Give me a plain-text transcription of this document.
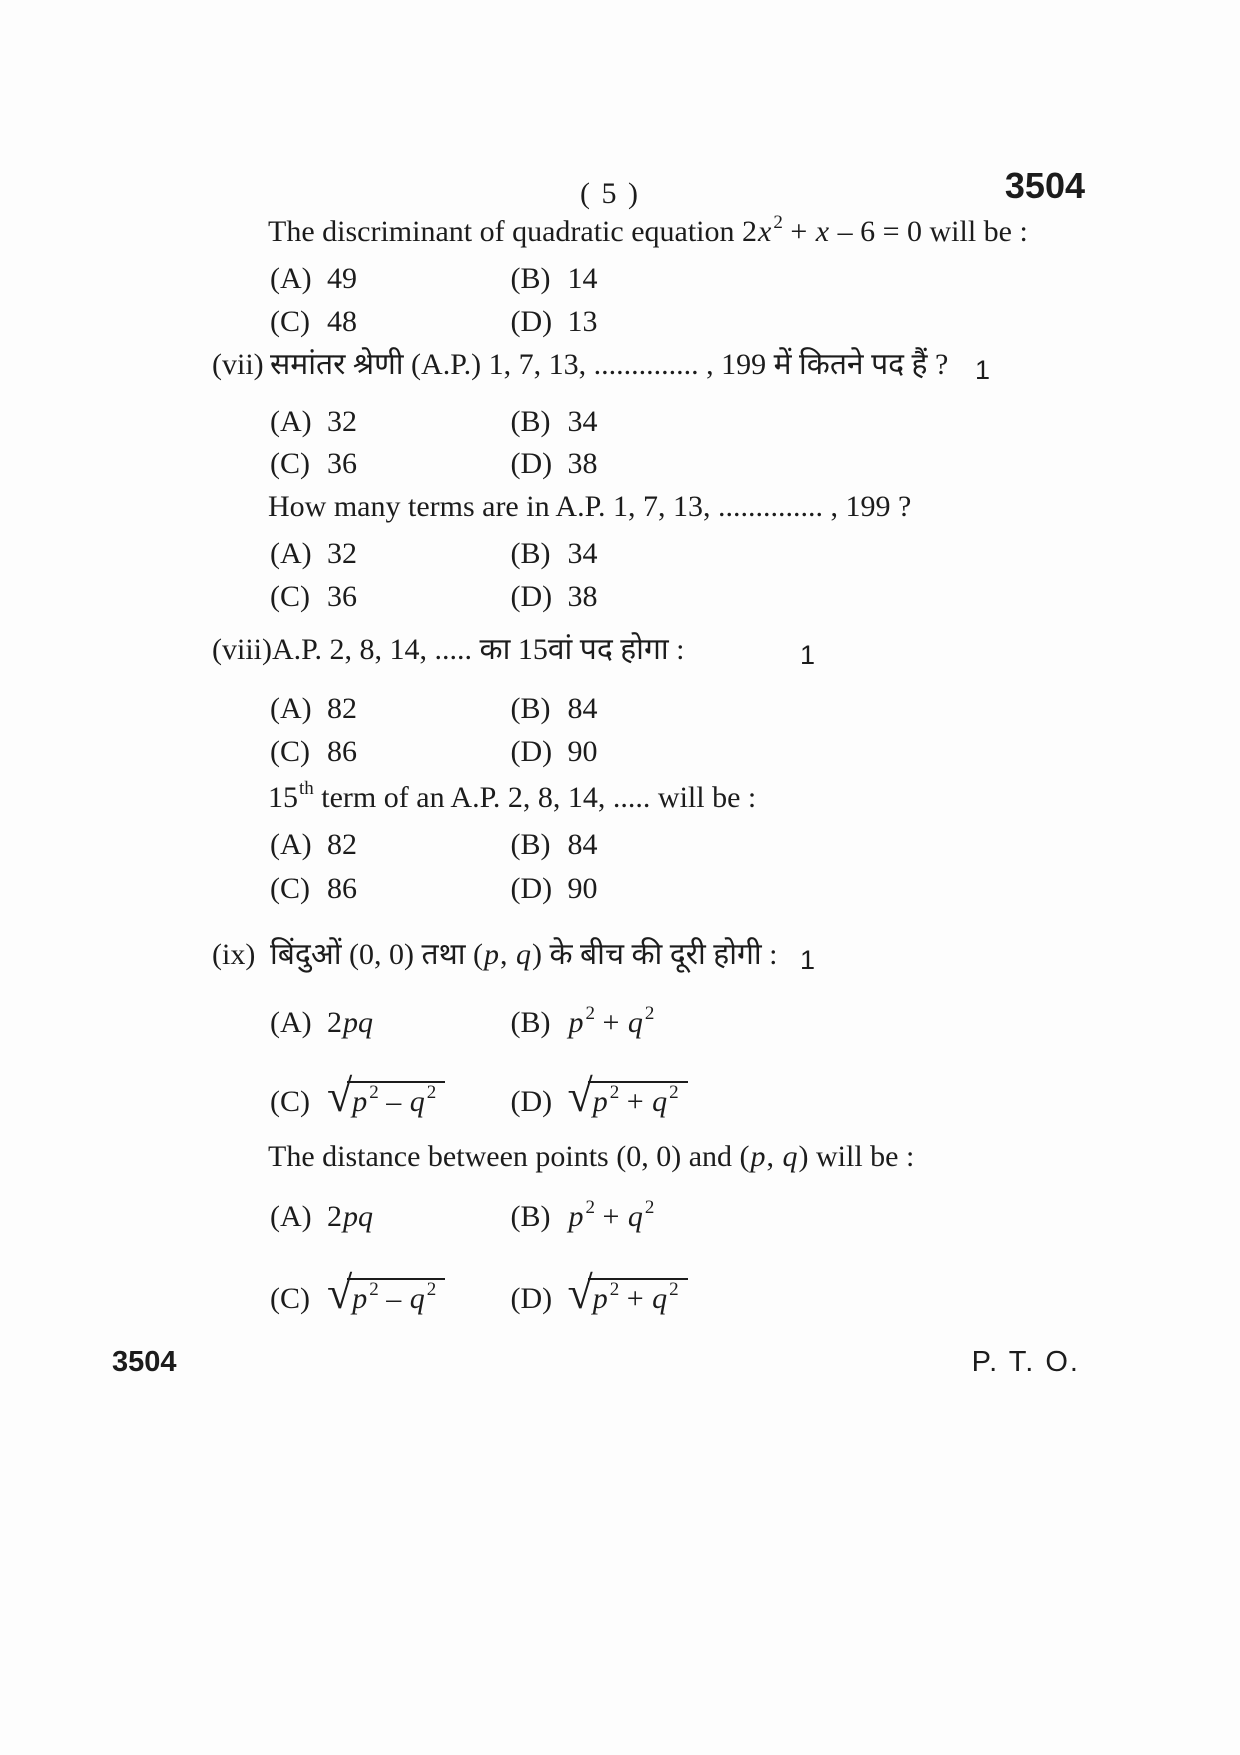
( 5 )	3504
The discriminant of quadratic equation 2x $^2$ + x – 6 = 0 will be :
(A) 49
	(B) 14
(C) 48
	(D) 13
(vii) समांतर श्रेणी (A.P.) 1, 7, 13, .............. , 199 में कितने पद हैं ? 1
(A) 32
	(B) 34
(C) 36
	(D) 38
How many terms are in A.P. 1, 7, 13, .............. , 199 ?
(A) 32
	(B) 34
(C) 36
	(D) 38
(viii)A.P. 2, 8, 14, ..... का 15वां पद होगा :	1
(A) 82
	(B) 84
(C) 86
	(D) 90
15th term of an A.P. 2, 8, 14, ..... will be :
(A) 82
	(B) 84
(C) 86
	(D) 90
(ix) बिंदुओं (0, 0) तथा (p, q) के बीच की दूरी होगी : 1
(A) 2pq
	(B) p $^2$ + q $^2$
(C) √ p $^2$ – q $^2$
	(D) √ p $^2$ + q $^2$
The distance between points (0, 0) and (p, q) will be :
(A) 2pq
	(B) p $^2$ + q $^2$
(C) √ p $^2$ – q $^2$
	(D) √ p $^2$ + q $^2$
3504	P. T. O.
